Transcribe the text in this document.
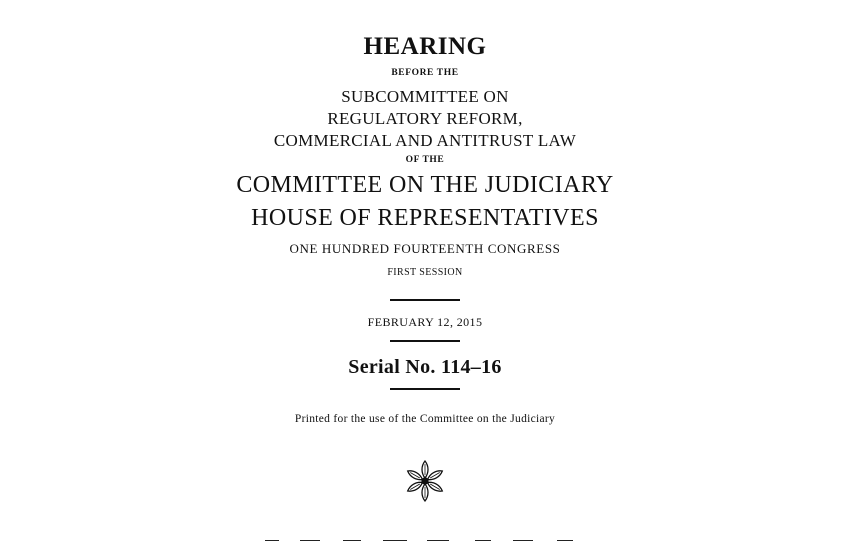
HEARING
BEFORE THE
SUBCOMMITTEE ON
REGULATORY REFORM,
COMMERCIAL AND ANTITRUST LAW
OF THE
COMMITTEE ON THE JUDICIARY
HOUSE OF REPRESENTATIVES
ONE HUNDRED FOURTEENTH CONGRESS
FIRST SESSION
FEBRUARY 12, 2015
Serial No. 114–16
Printed for the use of the Committee on the Judiciary
